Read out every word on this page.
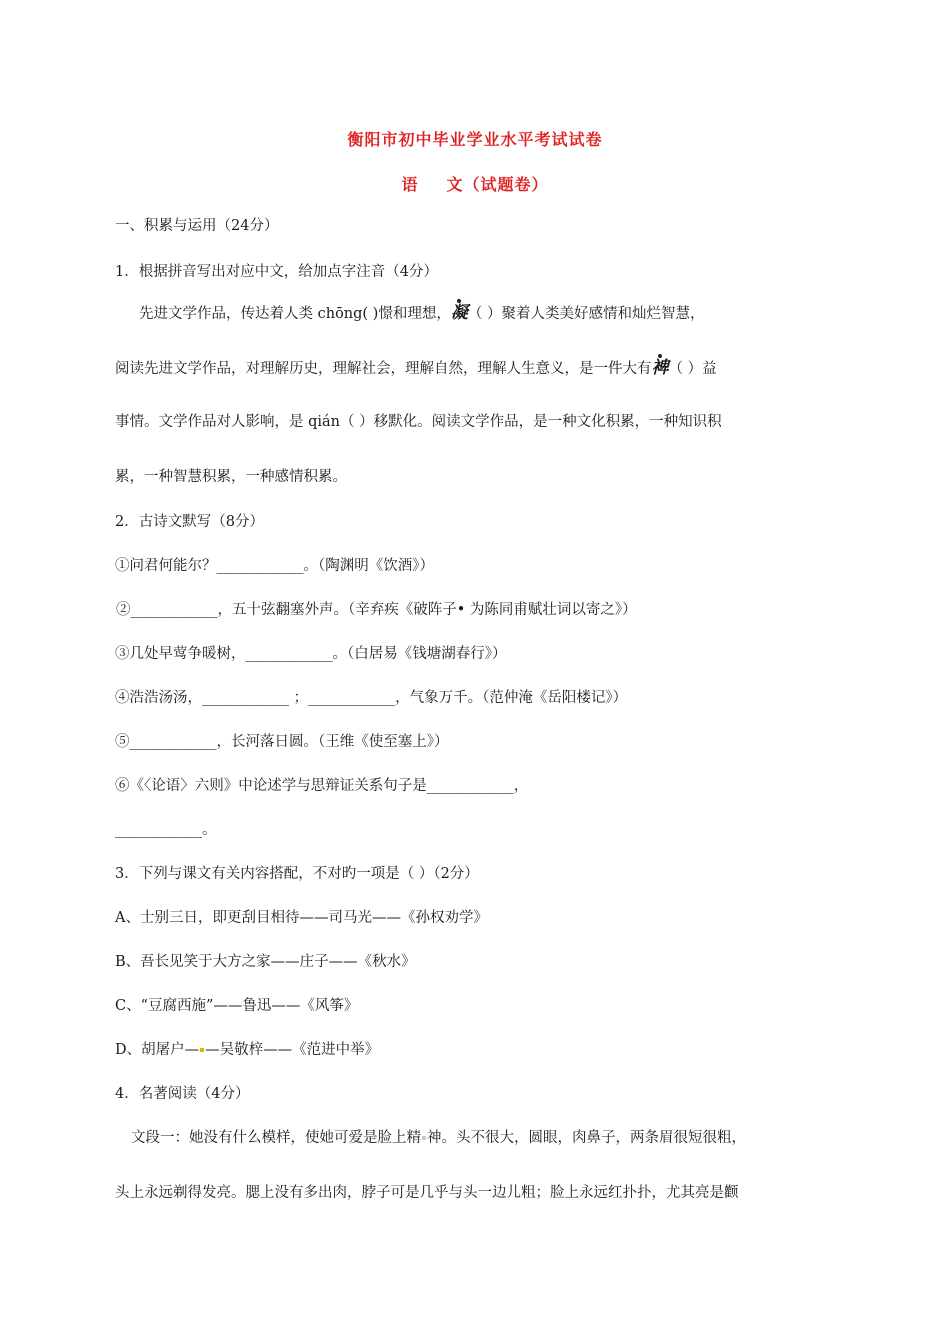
衡阳市初中毕业学业水平考试试卷
语 文（试题卷）
一、积累与运用（24分）
1．根据拼音写出对应中文，给加点字注音（4分）
先进文学作品，传达着人类 chōng( )憬和理想，凝（ ）聚着人类美好感情和灿烂智慧，
阅读先进文学作品，对理解历史，理解社会，理解自然，理解人生意义，是一件大有裨（ ）益
事情。文学作品对人影响，是 qián（ ）移默化。阅读文学作品，是一种文化积累，一种知识积
累，一种智慧积累，一种感情积累。
2．古诗文默写（8分）
①问君何能尔？____________。（陶渊明《饮酒》）
②____________，五十弦翻塞外声。（辛弃疾《破阵子• 为陈同甫赋壮词以寄之》）
③几处早莺争暖树，____________。（白居易《钱塘湖春行》）
④浩浩汤汤，____________ ；____________，气象万千。（范仲淹《岳阳楼记》）
⑤____________，长河落日圆。（王维《使至塞上》）
⑥《〈论语〉六则》中论述学与思辩证关系句子是____________，
____________。
3．下列与课文有关内容搭配，不对旳一项是（ ）（2分）
A、士别三日，即更刮目相待——司马光——《孙权劝学》
B、吾长见笑于大方之家——庄子——《秋水》
C、“豆腐西施”——鲁迅——《风筝》
D、胡屠户— —吴敬梓——《范进中举》
4．名著阅读（4分）
文段一：她没有什么模样，使她可爱是脸上精 神。头不很大，圆眼，肉鼻子，两条眉很短很粗，
头上永远剃得发亮。腮上没有多出肉，脖子可是几乎与头一边儿粗；脸上永远红扑扑，尤其亮是颧
